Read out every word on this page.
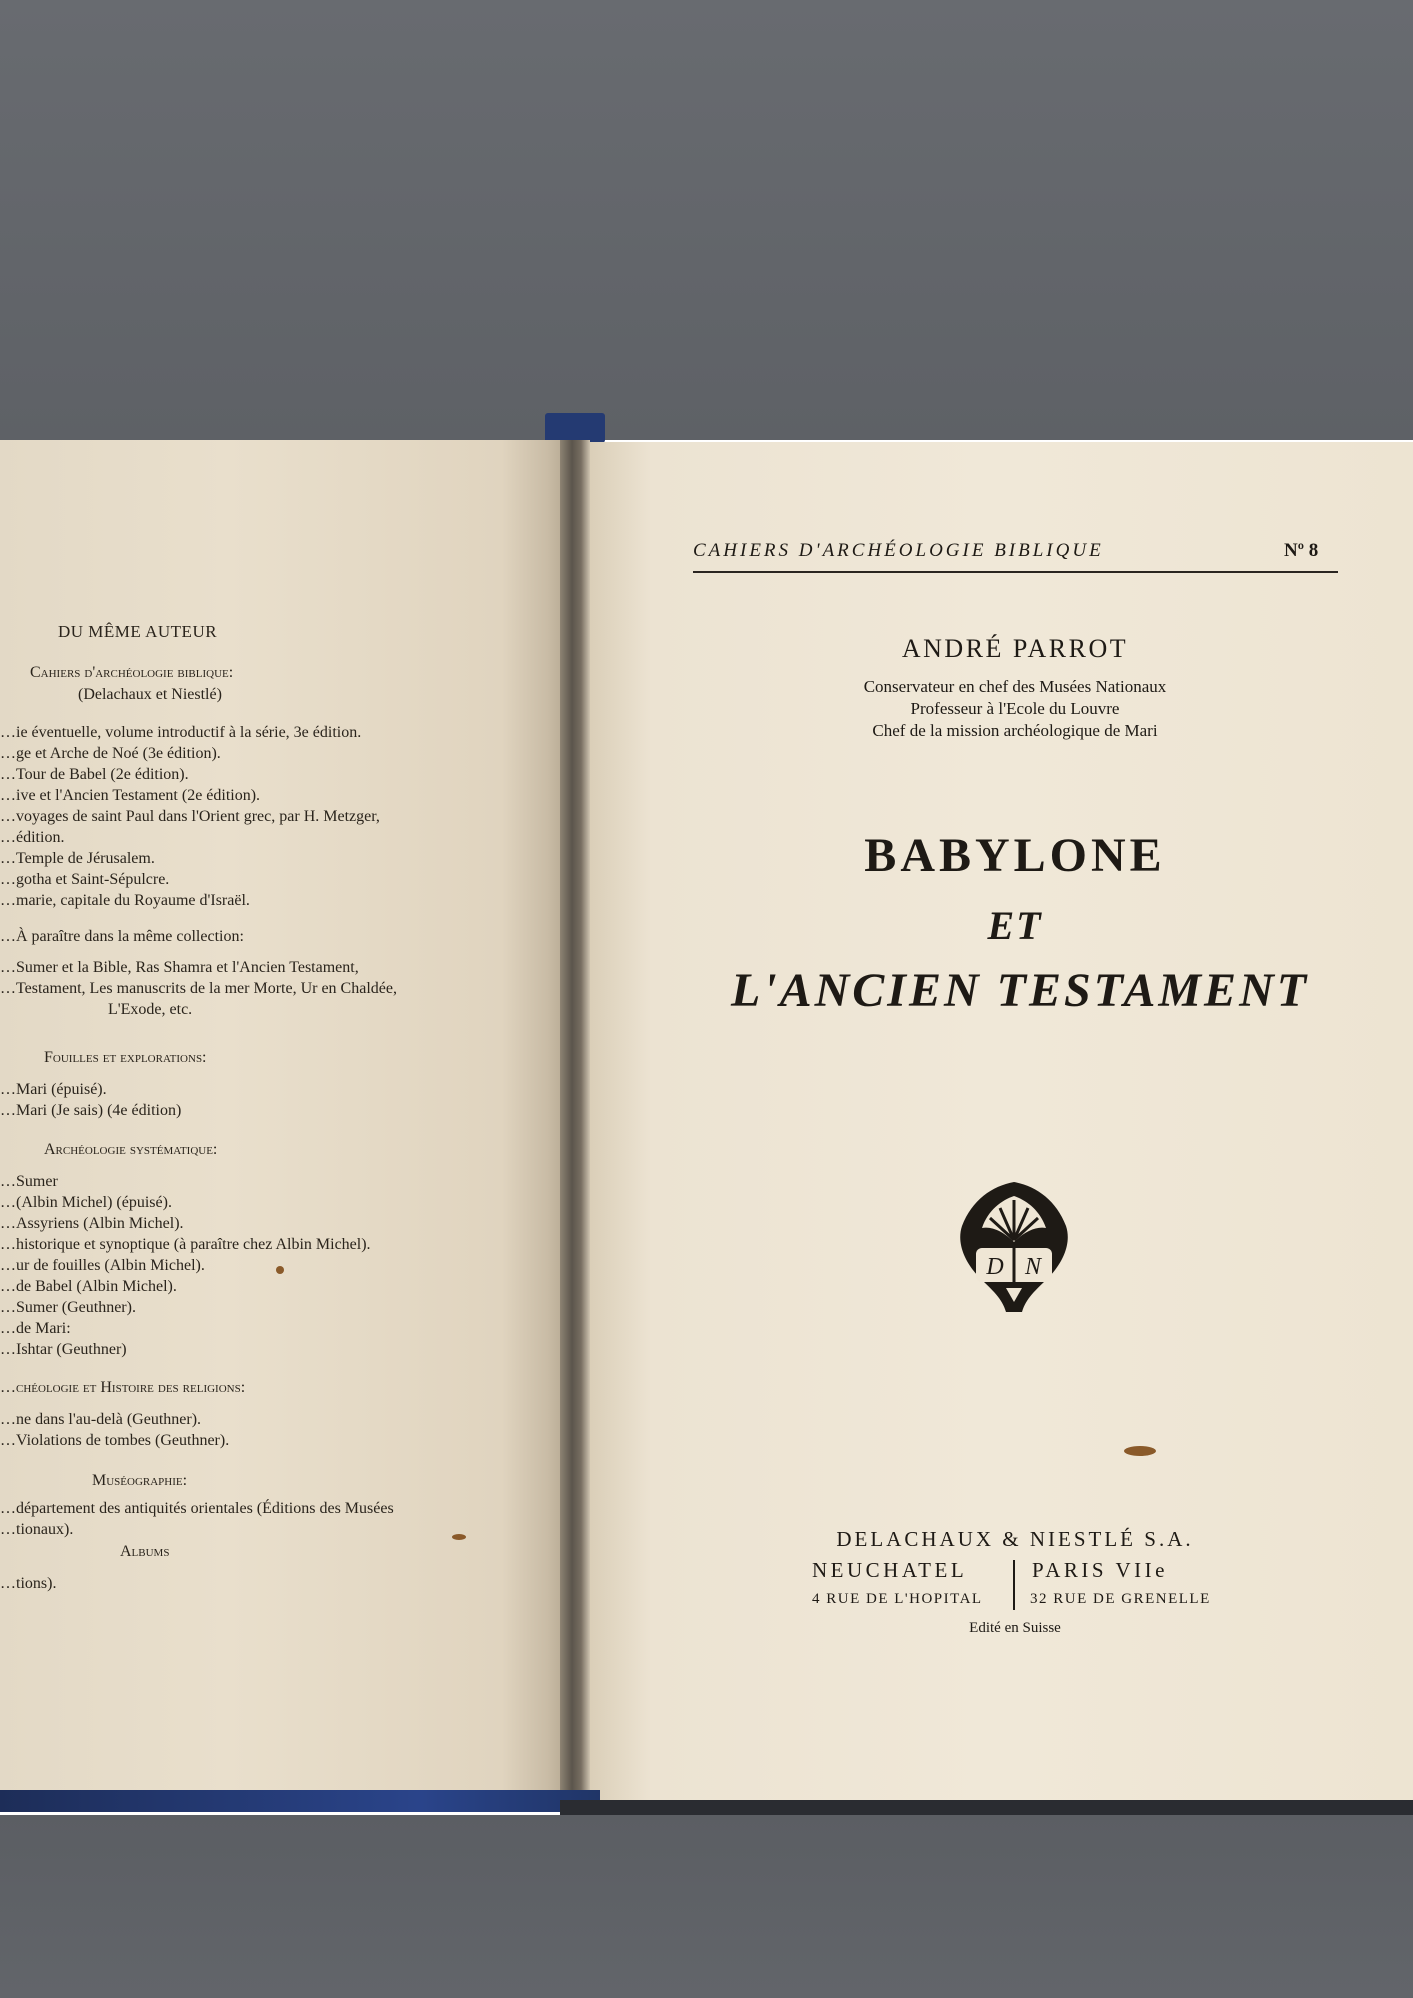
DU MÊME AUTEUR
Cahiers d'archéologie biblique:
(Delachaux et Niestlé)
…ie éventuelle, volume introductif à la série, 3e édition.
…ge et Arche de Noé (3e édition).
…Tour de Babel (2e édition).
…ive et l'Ancien Testament (2e édition).
…voyages de saint Paul dans l'Orient grec, par H. Metzger,
…édition.
…Temple de Jérusalem.
…gotha et Saint-Sépulcre.
…marie, capitale du Royaume d'Israël.
…À paraître dans la même collection:
…Sumer et la Bible, Ras Shamra et l'Ancien Testament,
…Testament, Les manuscrits de la mer Morte, Ur en Chaldée,
L'Exode, etc.
Fouilles et explorations:
…Mari (épuisé).
…Mari (Je sais) (4e édition)
Archéologie systématique:
…Sumer
…(Albin Michel) (épuisé).
…Assyriens (Albin Michel).
…historique et synoptique (à paraître chez Albin Michel).
…ur de fouilles (Albin Michel).
…de Babel (Albin Michel).
…Sumer (Geuthner).
…de Mari:
…Ishtar (Geuthner)
…chéologie et Histoire des religions:
…ne dans l'au-delà (Geuthner).
…Violations de tombes (Geuthner).
Muséographie:
…département des antiquités orientales (Éditions des Musées
…tionaux).
Albums
…tions).
CAHIERS D'ARCHÉOLOGIE BIBLIQUE	Nº 8
ANDRÉ PARROT
Conservateur en chef des Musées Nationaux
Professeur à l'Ecole du Louvre
Chef de la mission archéologique de Mari
BABYLONE
ET
L'ANCIEN TESTAMENT
D N
DELACHAUX & NIESTLÉ S.A.
NEUCHATEL	PARIS VIIe
4 RUE DE L'HOPITAL	32 RUE DE GRENELLE
Edité en Suisse
